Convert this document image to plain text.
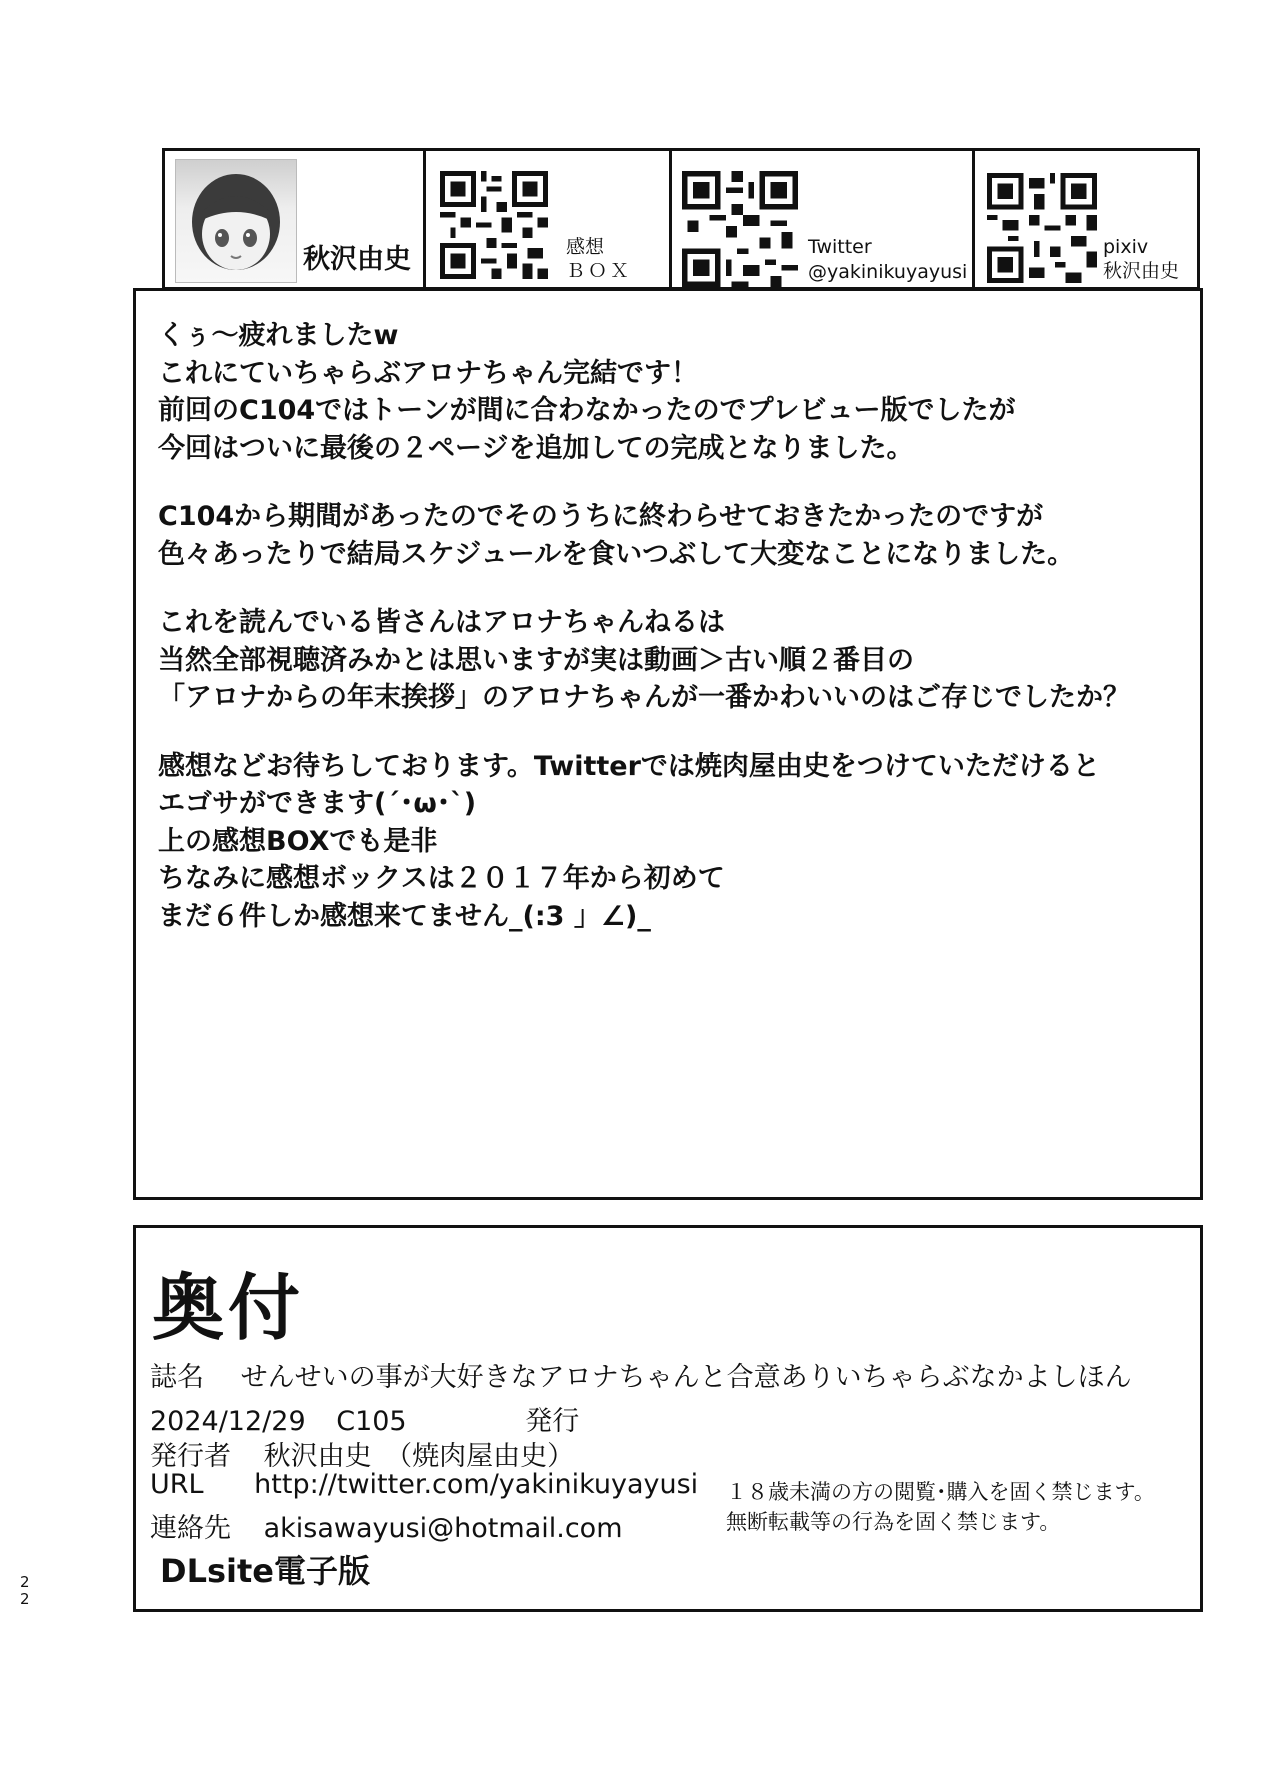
秋沢由史	感想
ＢＯＸ
Twitter
@yakinikuyayusi
pixiv
秋沢由史

くぅ～疲れましたw
これにていちゃらぶアロナちゃん完結です！
前回のC104ではトーンが間に合わなかったのでプレビュー版でしたが
今回はついに最後の２ページを追加しての完成となりました。

C104から期間があったのでそのうちに終わらせておきたかったのですが
色々あったりで結局スケジュールを食いつぶして大変なことになりました。

これを読んでいる皆さんはアロナちゃんねるは
当然全部視聴済みかとは思いますが実は動画＞古い順２番目の
「アロナからの年末挨拶」のアロナちゃんが一番かわいいのはご存じでしたか？

感想などお待ちしております。Twitterでは焼肉屋由史をつけていただけると
エゴサができます(´･ω･`)
上の感想BOXでも是非
ちなみに感想ボックスは２０１７年から初めて
まだ６件しか感想来てません_(:3 」∠)_

奥付
誌名 せんせいの事が大好きなアロナちゃんと合意ありいちゃらぶなかよしほん
2024/12/29 C105	発行
発行者 秋沢由史　（焼肉屋由史）
URL http://twitter.com/yakinikuyayusi
連絡先 akisawayusi@hotmail.com
１８歳未満の方の閲覧･購入を固く禁じます。
無断転載等の行為を固く禁じます。
DLsite電子版
2
2
